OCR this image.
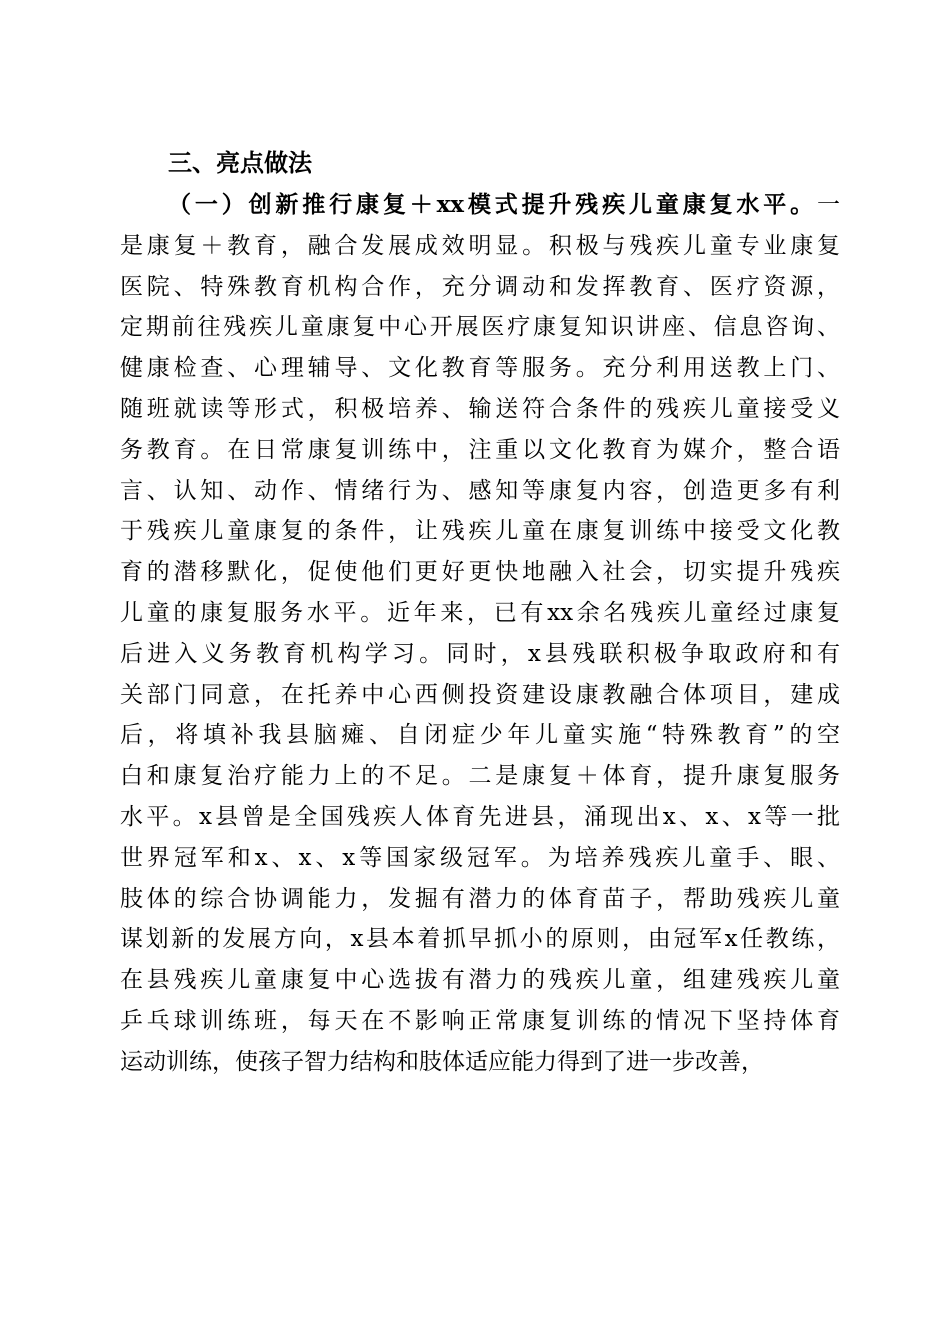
三、亮点做法
（一）创新推行康复＋xx模式提升残疾儿童康复水平。一
是康复＋教育，融合发展成效明显。积极与残疾儿童专业康复
医院、特殊教育机构合作，充分调动和发挥教育、医疗资源，
定期前往残疾儿童康复中心开展医疗康复知识讲座、信息咨询、
健康检查、心理辅导、文化教育等服务。充分利用送教上门、
随班就读等形式，积极培养、输送符合条件的残疾儿童接受义
务教育。在日常康复训练中，注重以文化教育为媒介，整合语
言、认知、动作、情绪行为、感知等康复内容，创造更多有利
于残疾儿童康复的条件，让残疾儿童在康复训练中接受文化教
育的潜移默化，促使他们更好更快地融入社会，切实提升残疾
儿童的康复服务水平。近年来，已有xx余名残疾儿童经过康复
后进入义务教育机构学习。同时，x县残联积极争取政府和有
关部门同意，在托养中心西侧投资建设康教融合体项目，建成
后，将填补我县脑瘫、自闭症少年儿童实施“特殊教育”的空
白和康复治疗能力上的不足。二是康复＋体育，提升康复服务
水平。x县曾是全国残疾人体育先进县，涌现出x、x、x等一批
世界冠军和x、x、x等国家级冠军。为培养残疾儿童手、眼、
肢体的综合协调能力，发掘有潜力的体育苗子，帮助残疾儿童
谋划新的发展方向，x县本着抓早抓小的原则，由冠军x任教练，
在县残疾儿童康复中心选拔有潜力的残疾儿童，组建残疾儿童
乒乓球训练班，每天在不影响正常康复训练的情况下坚持体育
运动训练，使孩子智力结构和肢体适应能力得到了进一步改善，
